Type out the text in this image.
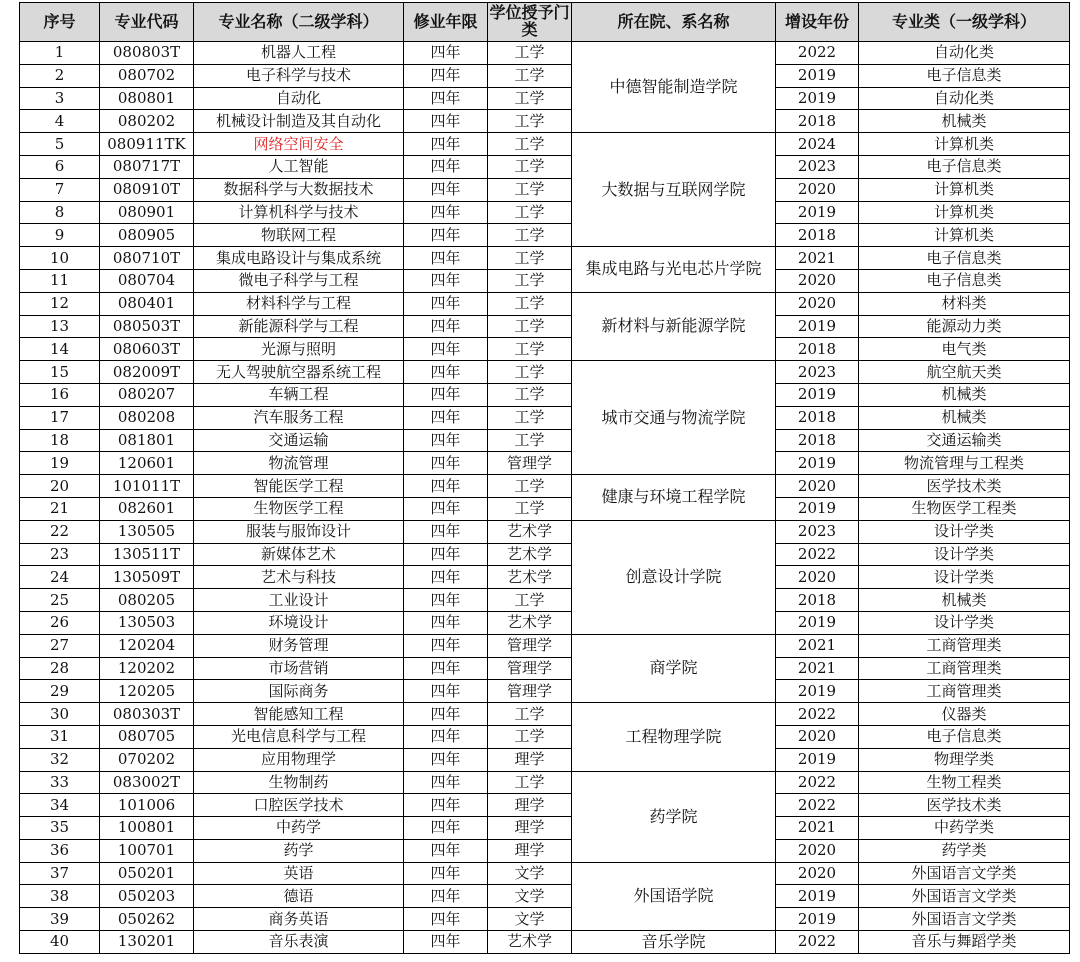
序号	专业代码	专业名称（二级学科）	修业年限	学位授予门类	所在院、系名称	增设年份	专业类（一级学科）
1	080803T	机器人工程	四年	工学	中德智能制造学院	2022	自动化类
2	080702	电子科学与技术	四年	工学		2019	电子信息类
3	080801	自动化	四年	工学		2019	自动化类
4	080202	机械设计制造及其自动化	四年	工学		2018	机械类
5	080911TK	网络空间安全	四年	工学	大数据与互联网学院	2024	计算机类
6	080717T	人工智能	四年	工学		2023	电子信息类
7	080910T	数据科学与大数据技术	四年	工学		2020	计算机类
8	080901	计算机科学与技术	四年	工学		2019	计算机类
9	080905	物联网工程	四年	工学		2018	计算机类
10	080710T	集成电路设计与集成系统	四年	工学	集成电路与光电芯片学院	2021	电子信息类
11	080704	微电子科学与工程	四年	工学		2020	电子信息类
12	080401	材料科学与工程	四年	工学	新材料与新能源学院	2020	材料类
13	080503T	新能源科学与工程	四年	工学		2019	能源动力类
14	080603T	光源与照明	四年	工学		2018	电气类
15	082009T	无人驾驶航空器系统工程	四年	工学	城市交通与物流学院	2023	航空航天类
16	080207	车辆工程	四年	工学		2019	机械类
17	080208	汽车服务工程	四年	工学		2018	机械类
18	081801	交通运输	四年	工学		2018	交通运输类
19	120601	物流管理	四年	管理学		2019	物流管理与工程类
20	101011T	智能医学工程	四年	工学	健康与环境工程学院	2020	医学技术类
21	082601	生物医学工程	四年	工学		2019	生物医学工程类
22	130505	服装与服饰设计	四年	艺术学	创意设计学院	2023	设计学类
23	130511T	新媒体艺术	四年	艺术学		2022	设计学类
24	130509T	艺术与科技	四年	艺术学		2020	设计学类
25	080205	工业设计	四年	工学		2018	机械类
26	130503	环境设计	四年	艺术学		2019	设计学类
27	120204	财务管理	四年	管理学	商学院	2021	工商管理类
28	120202	市场营销	四年	管理学		2021	工商管理类
29	120205	国际商务	四年	管理学		2019	工商管理类
30	080303T	智能感知工程	四年	工学	工程物理学院	2022	仪器类
31	080705	光电信息科学与工程	四年	工学		2020	电子信息类
32	070202	应用物理学	四年	理学		2019	物理学类
33	083002T	生物制药	四年	工学	药学院	2022	生物工程类
34	101006	口腔医学技术	四年	理学		2022	医学技术类
35	100801	中药学	四年	理学		2021	中药学类
36	100701	药学	四年	理学		2020	药学类
37	050201	英语	四年	文学	外国语学院	2020	外国语言文学类
38	050203	德语	四年	文学		2019	外国语言文学类
39	050262	商务英语	四年	文学		2019	外国语言文学类
40	130201	音乐表演	四年	艺术学	音乐学院	2022	音乐与舞蹈学类
